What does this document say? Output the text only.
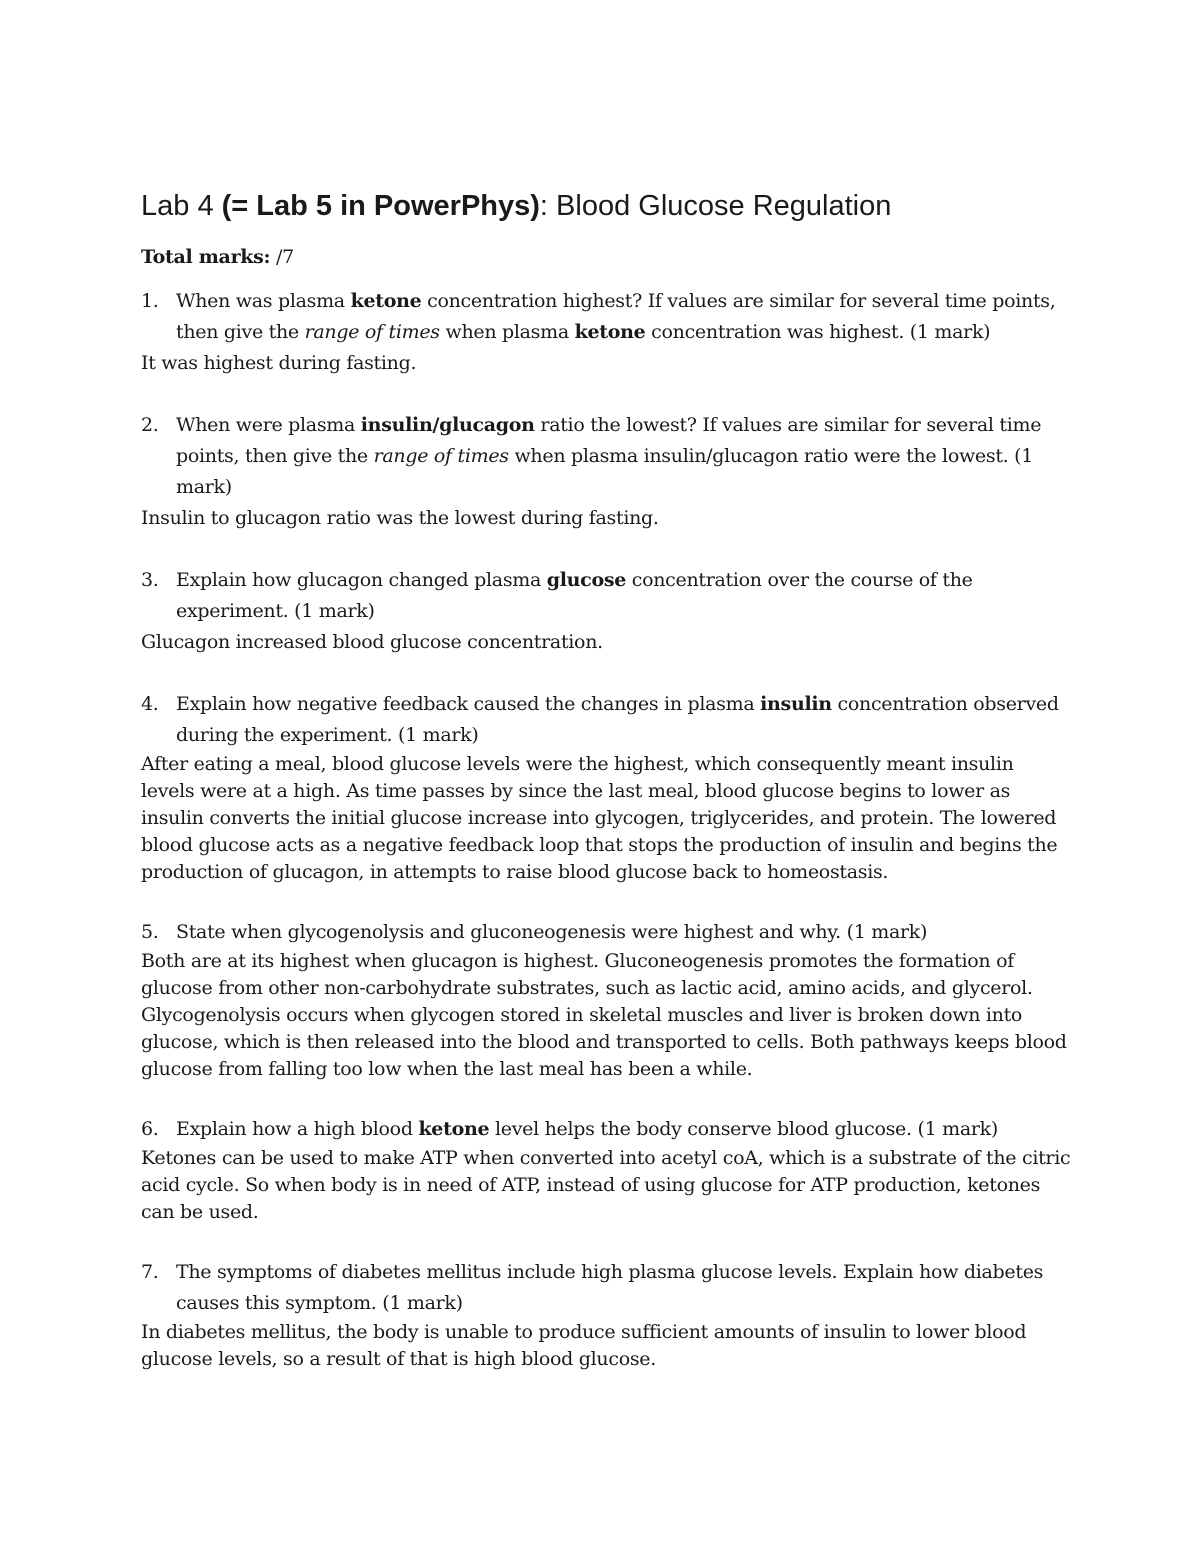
Lab 4 (= Lab 5 in PowerPhys): Blood Glucose Regulation

Total marks: /7

1. When was plasma ketone concentration highest? If values are similar for several time points, then give the range of times when plasma ketone concentration was highest. (1 mark)

It was highest during fasting.

2. When were plasma insulin/glucagon ratio the lowest? If values are similar for several time points, then give the range of times when plasma insulin/glucagon ratio were the lowest. (1 mark)

Insulin to glucagon ratio was the lowest during fasting.

3. Explain how glucagon changed plasma glucose concentration over the course of the experiment. (1 mark)

Glucagon increased blood glucose concentration.

4. Explain how negative feedback caused the changes in plasma insulin concentration observed during the experiment. (1 mark)

After eating a meal, blood glucose levels were the highest, which consequently meant insulin levels were at a high. As time passes by since the last meal, blood glucose begins to lower as insulin converts the initial glucose increase into glycogen, triglycerides, and protein. The lowered blood glucose acts as a negative feedback loop that stops the production of insulin and begins the production of glucagon, in attempts to raise blood glucose back to homeostasis.

5. State when glycogenolysis and gluconeogenesis were highest and why. (1 mark)

Both are at its highest when glucagon is highest. Gluconeogenesis promotes the formation of glucose from other non-carbohydrate substrates, such as lactic acid, amino acids, and glycerol. Glycogenolysis occurs when glycogen stored in skeletal muscles and liver is broken down into glucose, which is then released into the blood and transported to cells. Both pathways keeps blood glucose from falling too low when the last meal has been a while.

6. Explain how a high blood ketone level helps the body conserve blood glucose. (1 mark)

Ketones can be used to make ATP when converted into acetyl coA, which is a substrate of the citric acid cycle. So when body is in need of ATP, instead of using glucose for ATP production, ketones can be used.

7. The symptoms of diabetes mellitus include high plasma glucose levels. Explain how diabetes causes this symptom. (1 mark)

In diabetes mellitus, the body is unable to produce sufficient amounts of insulin to lower blood glucose levels, so a result of that is high blood glucose.
